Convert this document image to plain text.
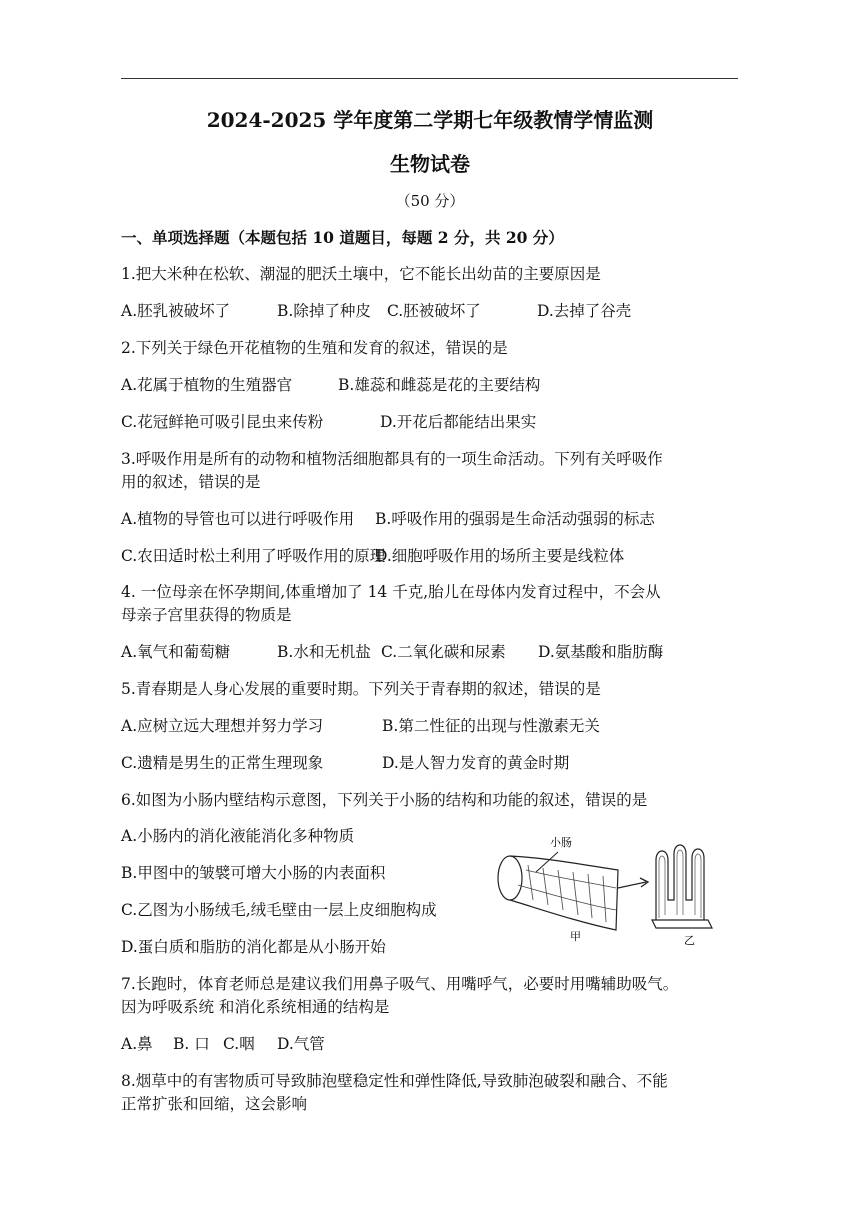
2024-2025 学年度第二学期七年级教情学情监测
生物试卷
（50 分）
一、单项选择题（本题包括 10 道题目，每题 2 分，共 20 分）
1.把大米种在松软、潮湿的肥沃土壤中，它不能长出幼苗的主要原因是
A.胚乳被破坏了	B.除掉了种皮 C.胚被破坏了	D.去掉了谷壳
2.下列关于绿色开花植物的生殖和发育的叙述，错误的是
A.花属于植物的生殖器官	B.雄蕊和雌蕊是花的主要结构
C.花冠鲜艳可吸引昆虫来传粉	D.开花后都能结出果实
3.呼吸作用是所有的动物和植物活细胞都具有的一项生命活动。下列有关呼吸作
用的叙述，错误的是
A.植物的导管也可以进行呼吸作用 B.呼吸作用的强弱是生命活动强弱的标志
C.农田适时松土利用了呼吸作用的原理D.细胞呼吸作用的场所主要是线粒体
4. 一位母亲在怀孕期间,体重增加了 14 千克,胎儿在母体内发育过程中，不会从
母亲子宫里获得的物质是
A.氧气和葡萄糖	B.水和无机盐 C.二氧化碳和尿素 D.氨基酸和脂肪酶
5.青春期是人身心发展的重要时期。下列关于青春期的叙述，错误的是
A.应树立远大理想并努力学习	B.第二性征的出现与性激素无关
C.遗精是男生的正常生理现象	D.是人智力发育的黄金时期
6.如图为小肠内壁结构示意图，下列关于小肠的结构和功能的叙述，错误的是
A.小肠内的消化液能消化多种物质
B.甲图中的皱襞可增大小肠的内表面积
C.乙图为小肠绒毛,绒毛壁由一层上皮细胞构成
D.蛋白质和脂肪的消化都是从小肠开始
小肠
甲	乙
7.长跑时，体育老师总是建议我们用鼻子吸气、用嘴呼气，必要时用嘴辅助吸气。
因为呼吸系统 和消化系统相通的结构是
A.鼻 B. 口 C.咽 D.气管
8.烟草中的有害物质可导致肺泡壁稳定性和弹性降低,导致肺泡破裂和融合、不能
正常扩张和回缩，这会影响
